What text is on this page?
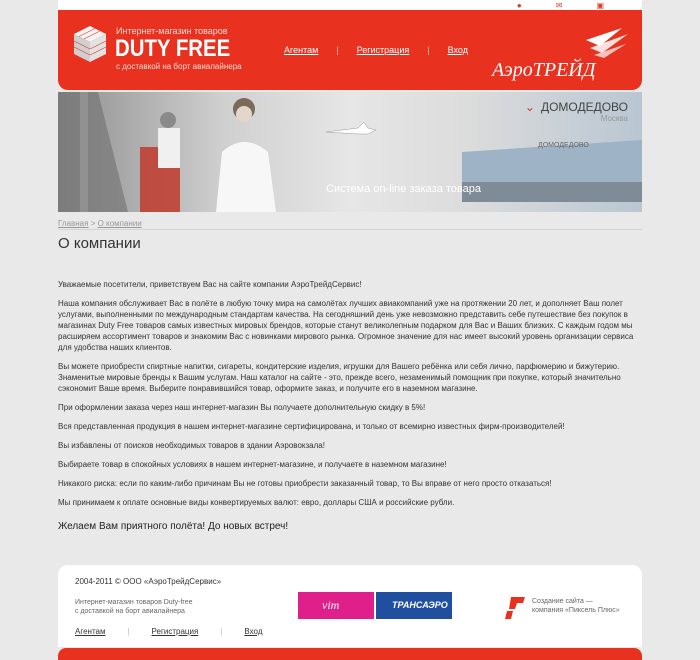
●	✉	▣
Интернет-магазин товаров
DUTY FREE
с доставкой на борт авиалайнера
Агентам | Регистрация | Вход
АэроТРЕЙД
ДОМОДЕДОВО
Система on-line заказа товара
⌄ ДОМОДЕДОВО
Москва
Главная > О компании
О компании

Уважаемые посетители, приветствуем Вас на сайте компании АэроТрейдСервис!

Наша компания обслуживает Вас в полёте в любую точку мира на самолётах лучших авиакомпаний уже на протяжении 20 лет, и дополняет Ваш полет услугами, выполненными по международным стандартам качества. На сегодняшний день уже невозможно представить себе путешествие без покупок в магазинах Duty Free товаров самых известных мировых брендов, которые станут великолепным подарком для Вас и Ваших близких. С каждым годом мы расширяем ассортимент товаров и знакомим Вас с новинками мирового рынка. Огромное значение для нас имеет высокий уровень организации сервиса для удобства наших клиентов.

Вы можете приобрести спиртные напитки, сигареты, кондитерские изделия, игрушки для Вашего ребёнка или себя лично, парфюмерию и бижутерию. Знаменитые мировые бренды к Вашим услугам. Наш каталог на сайте - это, прежде всего, незаменимый помощник при покупке, который значительно сэкономит Ваше время. Выберите понравившийся товар, оформите заказ, и получите его в наземном магазине.

При оформлении заказа через наш интернет-магазин Вы получаете дополнительную скидку в 5%!

Вся представленная продукция в нашем интернет-магазине сертифицирована, и только от всемирно известных фирм-производителей!

Вы избавлены от поисков необходимых товаров в здании Аэровокзала!

Выбираете товар в спокойных условиях в нашем интернет-магазине, и получаете в наземном магазине!

Никакого риска: если по каким-либо причинам Вы не готовы приобрести заказанный товар, то Вы вправе от него просто отказаться!

Мы принимаем к оплате основные виды конвертируемых валют: евро, доллары США и российские рубли.

Желаем Вам приятного полёта! До новых встреч!
2004-2011 © ООО «АэроТрейдСервис»
Интернет-магазин товаров Duty-free
с доставкой на борт авиалайнера
Агентам	|	Регистрация	|	Вход
vim	ТРАНСАЭРО	Создание сайта —
компания «Пиксель Плюс»
